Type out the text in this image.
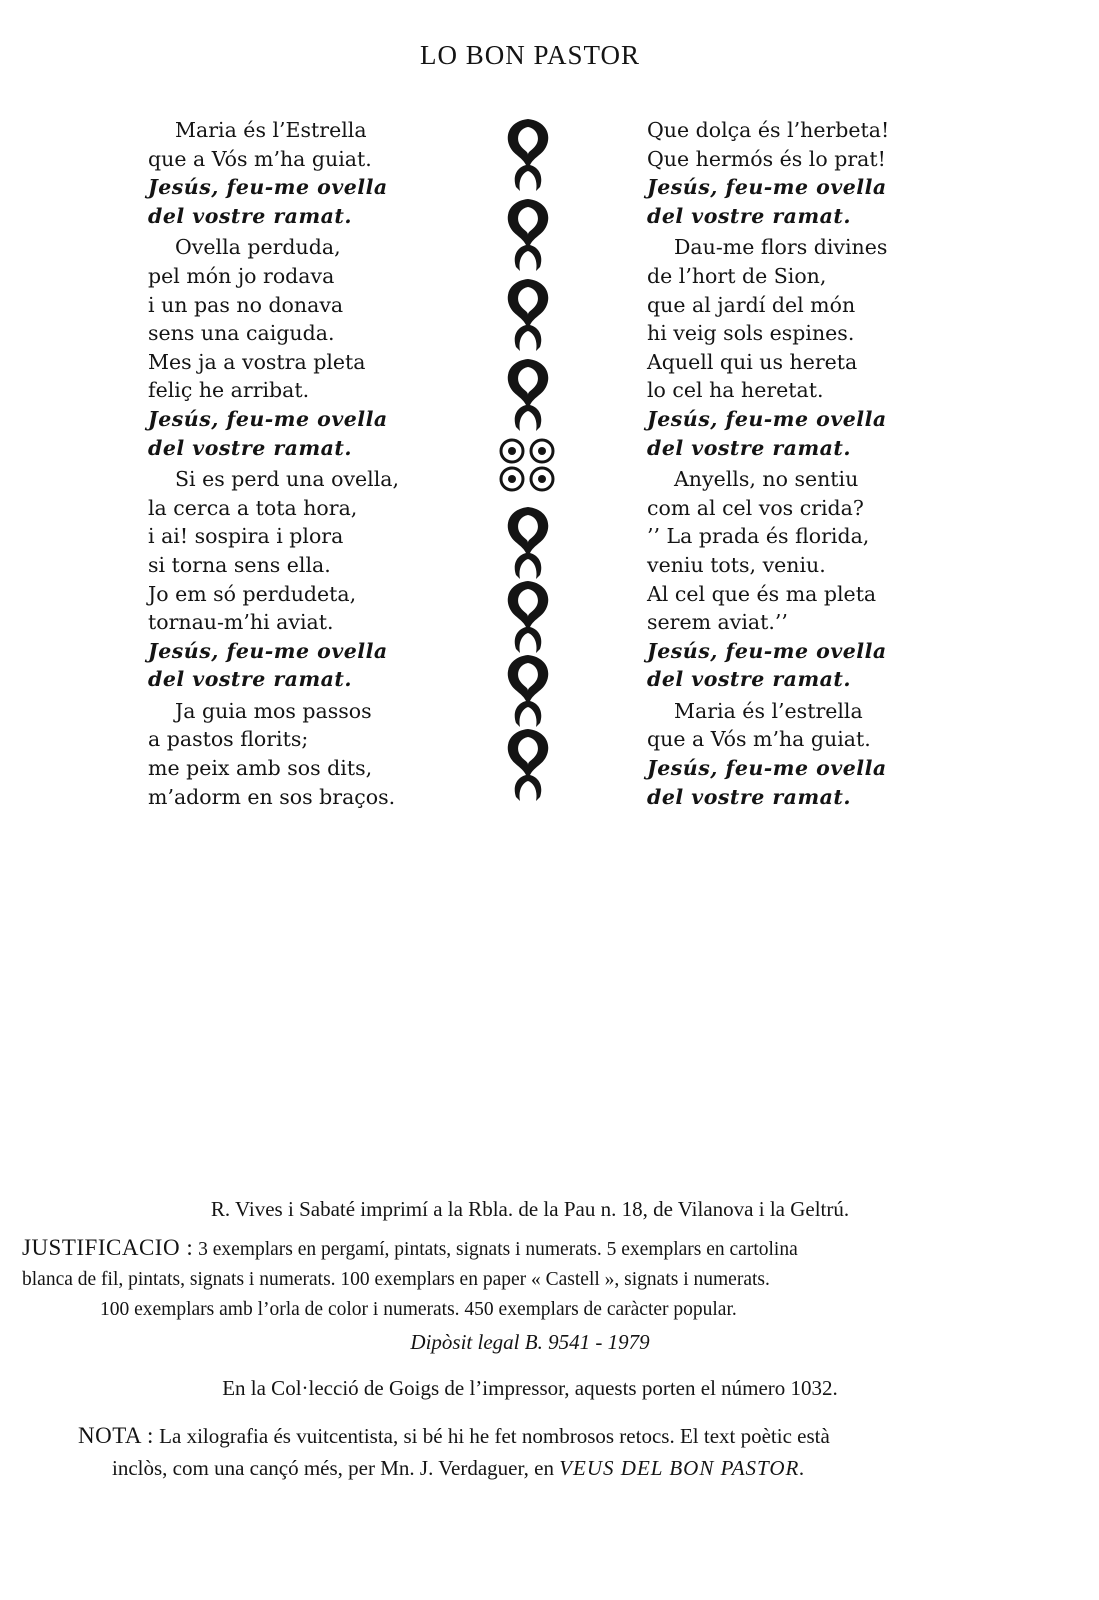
LO BON PASTOR
Maria és l’Estrella
que a Vós m’ha guiat.
Jesús, feu-me ovella
del vostre ramat.
Ovella perduda,
pel món jo rodava
i un pas no donava
sens una caiguda.
Mes ja a vostra pleta
feliç he arribat.
Jesús, feu-me ovella
del vostre ramat.
Si es perd una ovella,
la cerca a tota hora,
i ai! sospira i plora
si torna sens ella.
Jo em só perdudeta,
tornau-m’hi aviat.
Jesús, feu-me ovella
del vostre ramat.
Ja guia mos passos
a pastos florits;
me peix amb sos dits,
m’adorm en sos braços.
Que dolça és l’herbeta!
Que hermós és lo prat!
Jesús, feu-me ovella
del vostre ramat.
Dau-me flors divines
de l’hort de Sion,
que al jardí del món
hi veig sols espines.
Aquell qui us hereta
lo cel ha heretat.
Jesús, feu-me ovella
del vostre ramat.
Anyells, no sentiu
com al cel vos crida?
’’ La prada és florida,
veniu tots, veniu.
Al cel que és ma pleta
serem aviat.’’
Jesús, feu-me ovella
del vostre ramat.
Maria és l’estrella
que a Vós m’ha guiat.
Jesús, feu-me ovella
del vostre ramat.
R. Vives i Sabaté imprimí a la Rbla. de la Pau n. 18, de Vilanova i la Geltrú.
JUSTIFICACIO : 3 exemplars en pergamí, pintats, signats i numerats. 5 exemplars en cartolina
blanca de fil, pintats, signats i numerats. 100 exemplars en paper « Castell », signats i numerats.
100 exemplars amb l’orla de color i numerats. 450 exemplars de caràcter popular.
Dipòsit legal B. 9541 - 1979
En la Col·lecció de Goigs de l’impressor, aquests porten el número 1032.
NOTA : La xilografia és vuitcentista, si bé hi he fet nombrosos retocs. El text poètic està
inclòs, com una cançó més, per Mn. J. Verdaguer, en VEUS DEL BON PASTOR.
